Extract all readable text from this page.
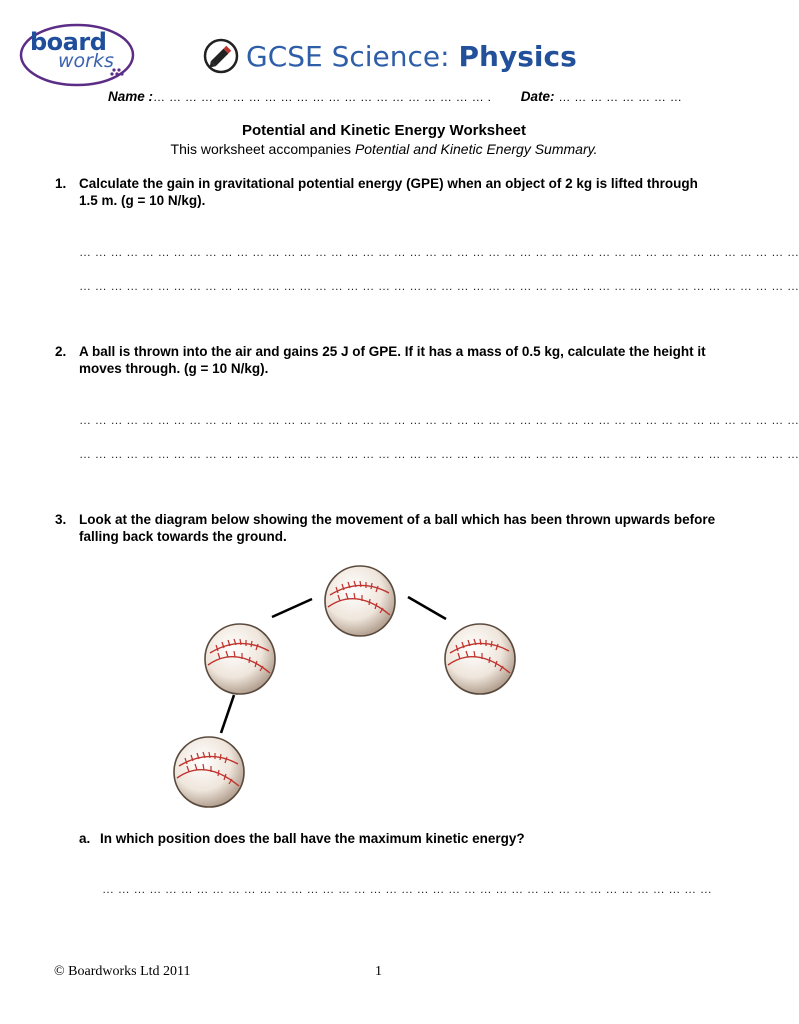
board
works	GCSE Science: Physics
Name :… … … … … … … … … … … … … … … … … … … … … . Date: … … … … … … … …
Potential and Kinetic Energy Worksheet
This worksheet accompanies Potential and Kinetic Energy Summary.
1. Calculate the gain in gravitational potential energy (GPE) when an object of 2 kg is lifted through 1.5 m. (g = 10 N/kg).
… … … … … … … … … … … … … … … … … … … … … … … … … … … … … … … … … … … … … … … … … … … … … …
… … … … … … … … … … … … … … … … … … … … … … … … … … … … … … … … … … … … … … … … … … … … … …
2. A ball is thrown into the air and gains 25 J of GPE. If it has a mass of 0.5 kg, calculate the height it moves through. (g = 10 N/kg).
… … … … … … … … … … … … … … … … … … … … … … … … … … … … … … … … … … … … … … … … … … … … … …
… … … … … … … … … … … … … … … … … … … … … … … … … … … … … … … … … … … … … … … … … … … … … …
3. Look at the diagram below showing the movement of a ball which has been thrown upwards before falling back towards the ground.
a. In which position does the ball have the maximum kinetic energy?
… … … … … … … … … … … … … … … … … … … … … … … … … … … … … … … … … … … … … … …
© Boardworks Ltd 2011	1
